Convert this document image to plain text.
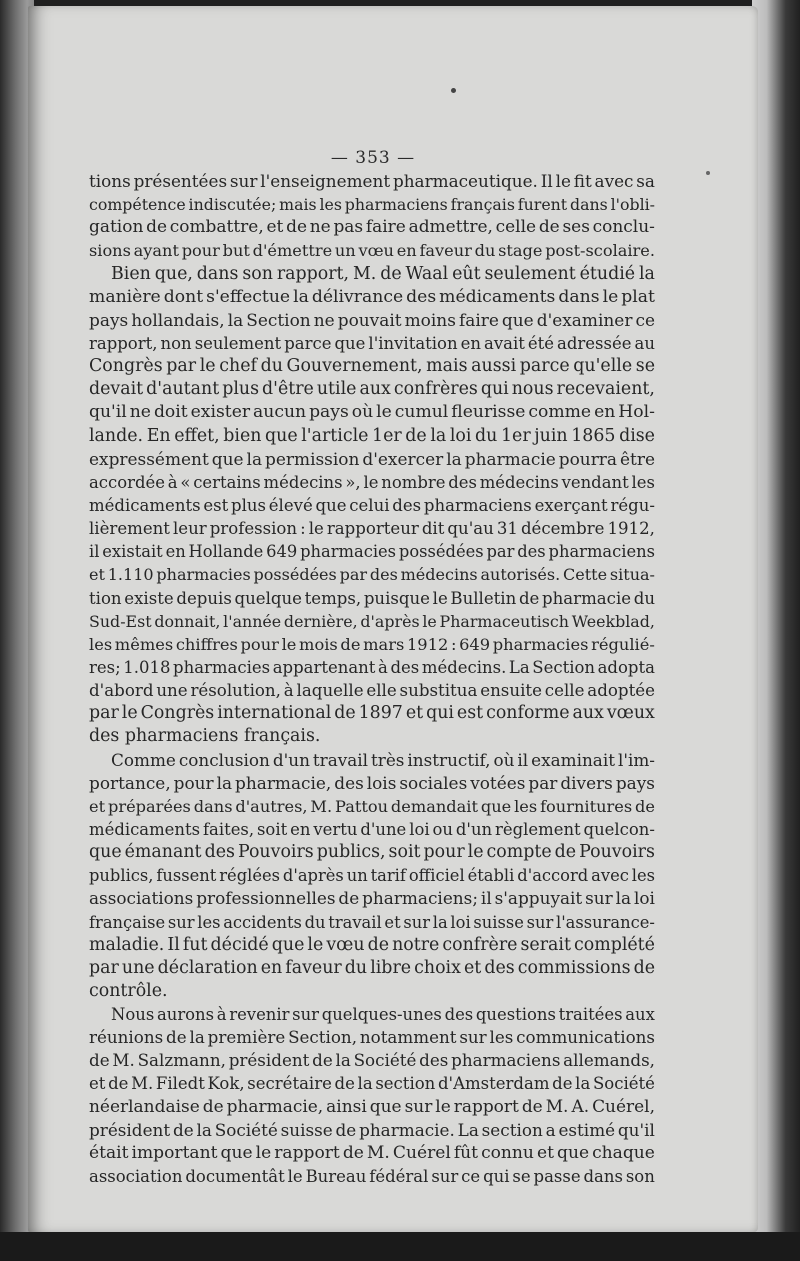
— 353 —
tions présentées sur l'enseignement pharmaceutique. Il le fit avec sa
compétence indiscutée; mais les pharmaciens français furent dans l'obli-
gation de combattre, et de ne pas faire admettre, celle de ses conclu-
sions ayant pour but d'émettre un vœu en faveur du stage post-scolaire.
Bien que, dans son rapport, M. de Waal eût seulement étudié la
manière dont s'effectue la délivrance des médicaments dans le plat
pays hollandais, la Section ne pouvait moins faire que d'examiner ce
rapport, non seulement parce que l'invitation en avait été adressée au
Congrès par le chef du Gouvernement, mais aussi parce qu'elle se
devait d'autant plus d'être utile aux confrères qui nous recevaient,
qu'il ne doit exister aucun pays où le cumul fleurisse comme en Hol-
lande. En effet, bien que l'article 1er de la loi du 1er juin 1865 dise
expressément que la permission d'exercer la pharmacie pourra être
accordée à « certains médecins », le nombre des médecins vendant les
médicaments est plus élevé que celui des pharmaciens exerçant régu-
lièrement leur profession : le rapporteur dit qu'au 31 décembre 1912,
il existait en Hollande 649 pharmacies possédées par des pharmaciens
et 1.110 pharmacies possédées par des médecins autorisés. Cette situa-
tion existe depuis quelque temps, puisque le Bulletin de pharmacie du
Sud-Est donnait, l'année dernière, d'après le Pharmaceutisch Weekblad,
les mêmes chiffres pour le mois de mars 1912 : 649 pharmacies régulié-
res; 1.018 pharmacies appartenant à des médecins. La Section adopta
d'abord une résolution, à laquelle elle substitua ensuite celle adoptée
par le Congrès international de 1897 et qui est conforme aux vœux
des pharmaciens français.
Comme conclusion d'un travail très instructif, où il examinait l'im-
portance, pour la pharmacie, des lois sociales votées par divers pays
et préparées dans d'autres, M. Pattou demandait que les fournitures de
médicaments faites, soit en vertu d'une loi ou d'un règlement quelcon-
que émanant des Pouvoirs publics, soit pour le compte de Pouvoirs
publics, fussent réglées d'après un tarif officiel établi d'accord avec les
associations professionnelles de pharmaciens; il s'appuyait sur la loi
française sur les accidents du travail et sur la loi suisse sur l'assurance-
maladie. Il fut décidé que le vœu de notre confrère serait complété
par une déclaration en faveur du libre choix et des commissions de
contrôle.
Nous aurons à revenir sur quelques-unes des questions traitées aux
réunions de la première Section, notamment sur les communications
de M. Salzmann, président de la Société des pharmaciens allemands,
et de M. Filedt Kok, secrétaire de la section d'Amsterdam de la Société
néerlandaise de pharmacie, ainsi que sur le rapport de M. A. Cuérel,
président de la Société suisse de pharmacie. La section a estimé qu'il
était important que le rapport de M. Cuérel fût connu et que chaque
association documentât le Bureau fédéral sur ce qui se passe dans son
